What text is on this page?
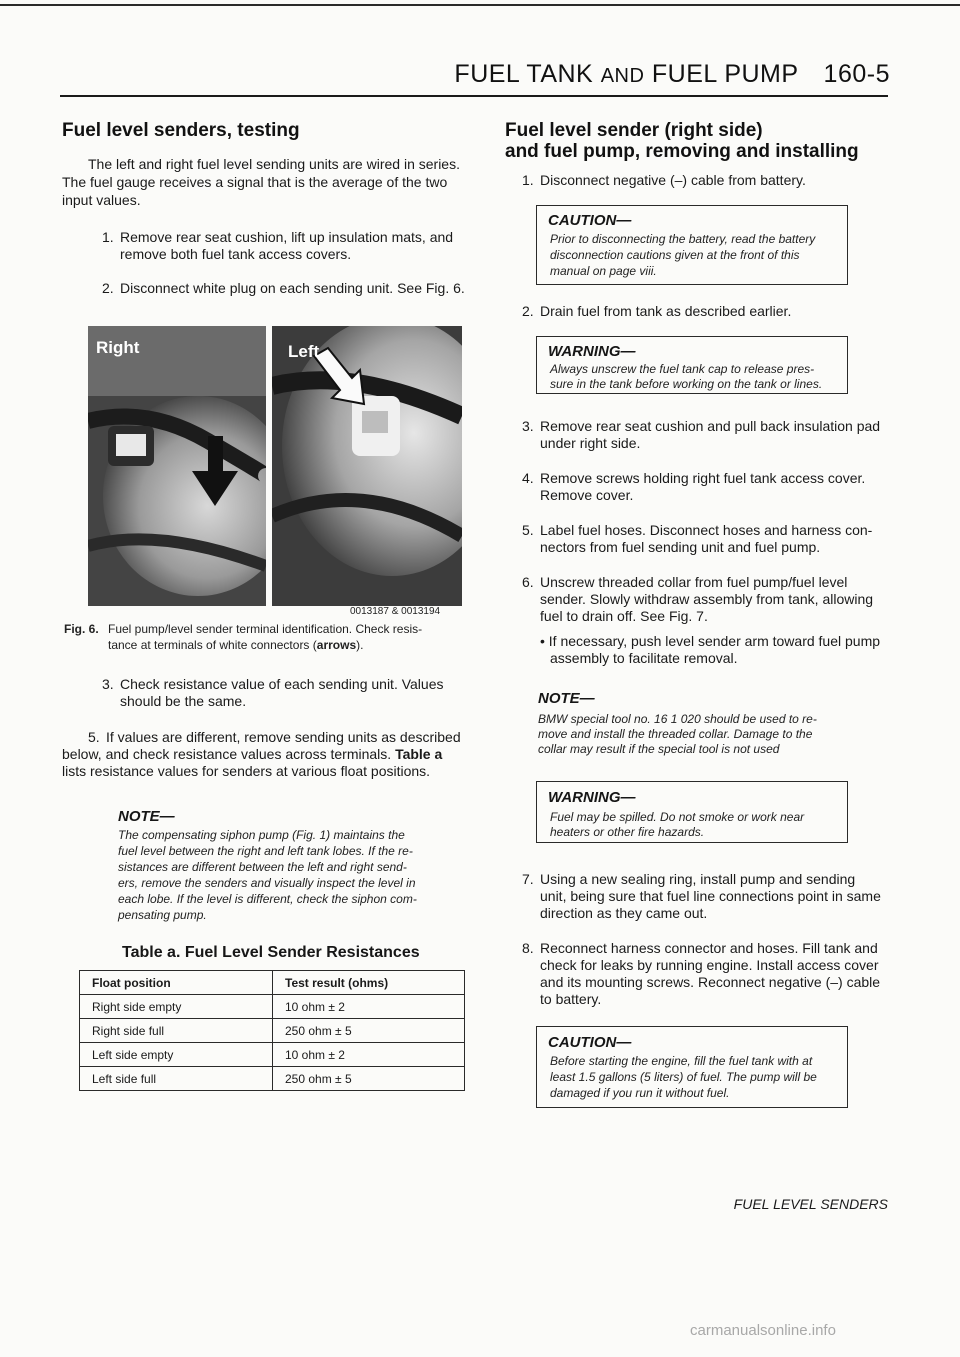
FUEL TANK AND FUEL PUMP 160-5
Fuel level senders, testing
The left and right fuel level sending units are wired in series.
The fuel gauge receives a signal that is the average of the two
input values.
1. Remove rear seat cushion, lift up insulation mats, and
remove both fuel tank access covers.
2. Disconnect white plug on each sending unit. See Fig. 6.
Right	Left
0013187 & 0013194
Fig. 6. Fuel pump/level sender terminal identification. Check resis-
tance at terminals of white connectors (arrows).
3. Check resistance value of each sending unit. Values
should be the same.
5. If values are different, remove sending units as described
below, and check resistance values across terminals. Table a
lists resistance values for senders at various float positions.
NOTE—
The compensating siphon pump (Fig. 1) maintains the
fuel level between the right and left tank lobes. If the re-
sistances are different between the left and right send-
ers, remove the senders and visually inspect the level in
each lobe. If the level is different, check the siphon com-
pensating pump.
Table a. Fuel Level Sender Resistances
Float position	Test result (ohms)
Right side empty	10 ohm ± 2
Right side full	250 ohm ± 5
Left side empty	10 ohm ± 2
Left side full	250 ohm ± 5
Fuel level sender (right side)
and fuel pump, removing and installing
1. Disconnect negative (–) cable from battery.
CAUTION—
Prior to disconnecting the battery, read the battery
disconnection cautions given at the front of this
manual on page viii.
2. Drain fuel from tank as described earlier.
WARNING—
Always unscrew the fuel tank cap to release pres-
sure in the tank before working on the tank or lines.
3. Remove rear seat cushion and pull back insulation pad
under right side.
4. Remove screws holding right fuel tank access cover.
Remove cover.
5. Label fuel hoses. Disconnect hoses and harness con-
nectors from fuel sending unit and fuel pump.
6. Unscrew threaded collar from fuel pump/fuel level
sender. Slowly withdraw assembly from tank, allowing
fuel to drain off. See Fig. 7.
• If necessary, push level sender arm toward fuel pump
assembly to facilitate removal.
NOTE—
BMW special tool no. 16 1 020 should be used to re-
move and install the threaded collar. Damage to the
collar may result if the special tool is not used
WARNING—
Fuel may be spilled. Do not smoke or work near
heaters or other fire hazards.
7. Using a new sealing ring, install pump and sending
unit, being sure that fuel line connections point in same
direction as they came out.
8. Reconnect harness connector and hoses. Fill tank and
check for leaks by running engine. Install access cover
and its mounting screws. Reconnect negative (–) cable
to battery.
CAUTION—
Before starting the engine, fill the fuel tank with at
least 1.5 gallons (5 liters) of fuel. The pump will be
damaged if you run it without fuel.
FUEL LEVEL SENDERS
carmanualsonline.info
